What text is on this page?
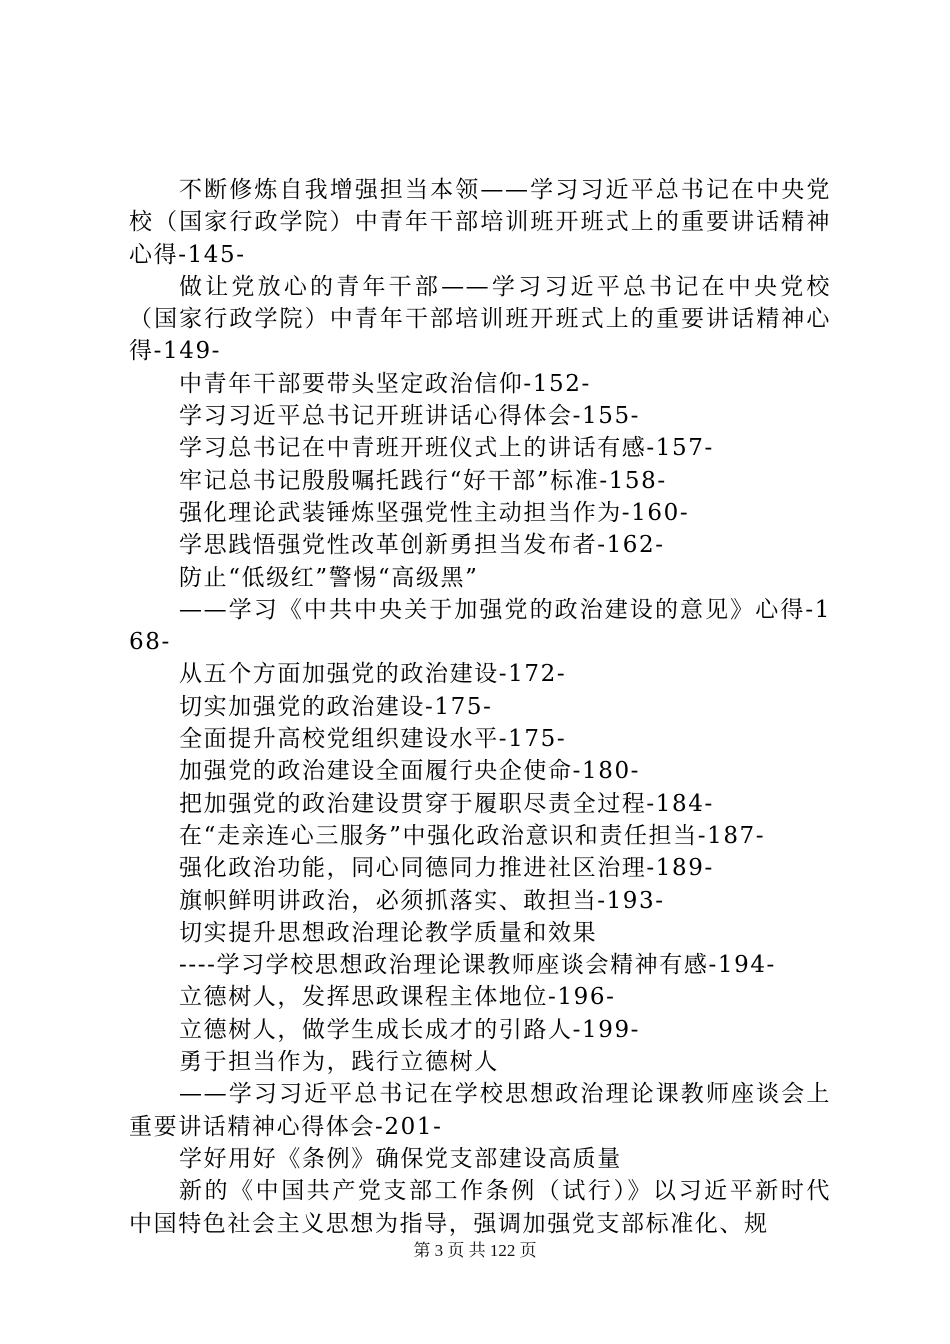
不断修炼自我增强担当本领——学习习近平总书记在中央党校（国家行政学院）中青年干部培训班开班式上的重要讲话精神心得-145-

做让党放心的青年干部——学习习近平总书记在中央党校（国家行政学院）中青年干部培训班开班式上的重要讲话精神心得-149-

中青年干部要带头坚定政治信仰-152-

学习习近平总书记开班讲话心得体会-155-

学习总书记在中青班开班仪式上的讲话有感-157-

牢记总书记殷殷嘱托践行“好干部”标准-158-

强化理论武装锤炼坚强党性主动担当作为-160-

学思践悟强党性改革创新勇担当发布者-162-

防止“低级红”警惕“高级黑”

——学习《中共中央关于加强党的政治建设的意见》心得-168-

从五个方面加强党的政治建设-172-

切实加强党的政治建设-175-

全面提升高校党组织建设水平-175-

加强党的政治建设全面履行央企使命-180-

把加强党的政治建设贯穿于履职尽责全过程-184-

在“走亲连心三服务”中强化政治意识和责任担当-187-

强化政治功能，同心同德同力推进社区治理-189-

旗帜鲜明讲政治，必须抓落实、敢担当-193-

切实提升思想政治理论教学质量和效果

----学习学校思想政治理论课教师座谈会精神有感-194-

立德树人，发挥思政课程主体地位-196-

立德树人，做学生成长成才的引路人-199-

勇于担当作为，践行立德树人

——学习习近平总书记在学校思想政治理论课教师座谈会上重要讲话精神心得体会-201-

学好用好《条例》确保党支部建设高质量

新的《中国共产党支部工作条例（试行）》以习近平新时代中国特色社会主义思想为指导，强调加强党支部标准化、规

第 3 页 共 122 页
